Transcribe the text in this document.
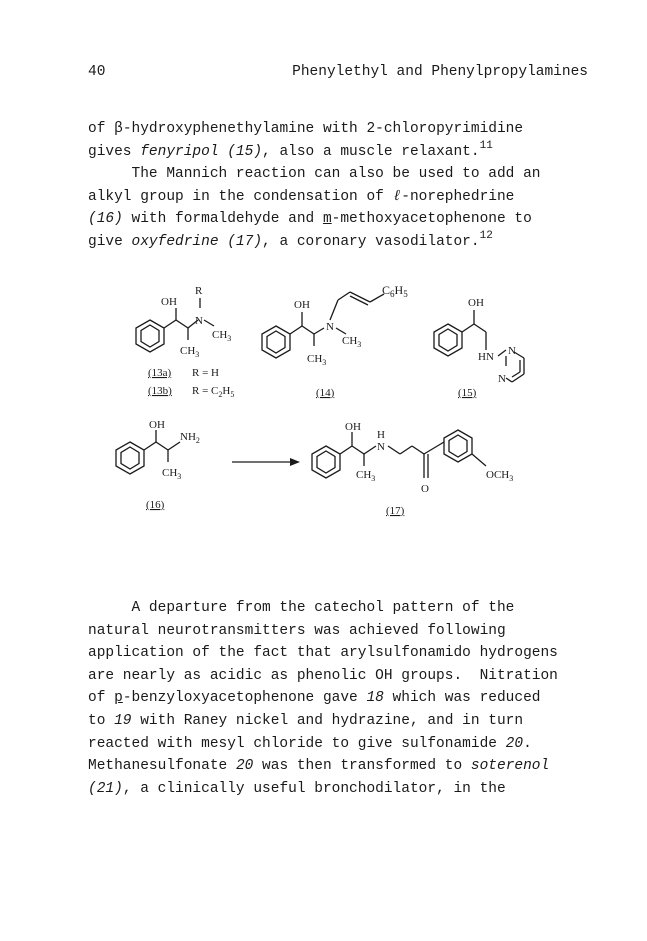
40	Phenylethyl and Phenylpropylamines
of β-hydroxyphenethylamine with 2-chloropyrimidine
gives fenyripol (15), also a muscle relaxant.$^{11}$
The Mannich reaction can also be used to add an
alkyl group in the condensation of ℓ-norephedrine
(16) with formaldehyde and m-methoxyacetophenone to
give oxyfedrine (17), a coronary vasodilator.$^{12}$
OH
R
N
$CH_3$
$CH_3$
(13a) R = H
(13b) $R = C_2H_5$
OH
N
$CH_3$
$CH_3$
$C_6H_5$
(14)
OH
HN N
N
(15)
OH
$NH_2$
$CH_3$
(16)
OH
H
N
$CH_3$
O
$OCH_3$
(17)
A departure from the catechol pattern of the
natural neurotransmitters was achieved following
application of the fact that arylsulfonamido hydrogens
are nearly as acidic as phenolic OH groups.  Nitration
of p-benzyloxyacetophenone gave 18 which was reduced
to 19 with Raney nickel and hydrazine, and in turn
reacted with mesyl chloride to give sulfonamide 20.
Methanesulfonate 20 was then transformed to soterenol
(21), a clinically useful bronchodilator, in the
